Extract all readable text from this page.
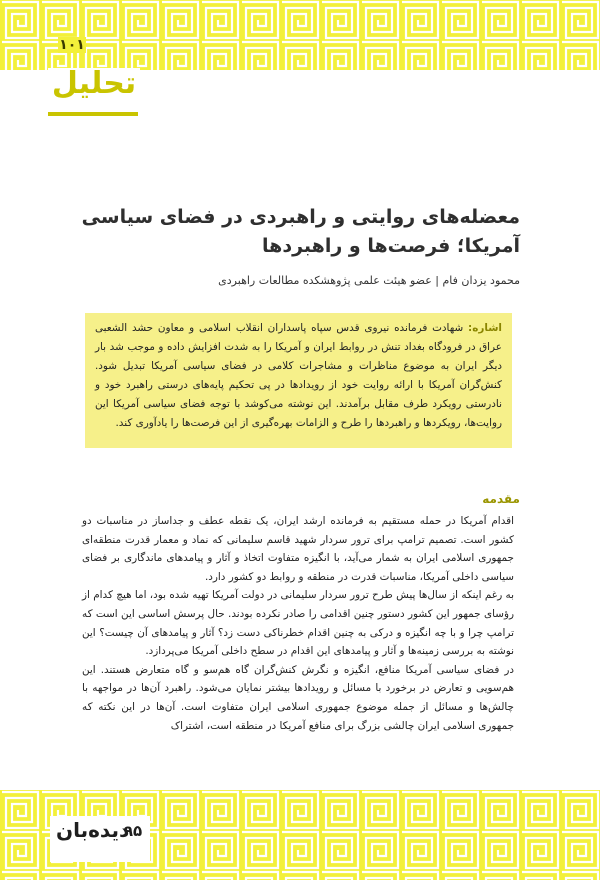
۱۰۱
تحلیل
معضله‌های روایتی و راهبردی در فضای سیاسی آمریکا؛ فرصت‌ها و راهبردها
محمود یزدان فام | عضو هیئت علمی پژوهشکده مطالعات راهبردی
اشاره: شهادت فرمانده نیروی قدس سپاه پاسداران انقلاب اسلامی و معاون حشد الشعبی عراق در فرودگاه بغداد تنش در روابط ایران و آمریکا را به شدت افزایش داده و موجب شد بار دیگر ایران به موضوع مناظرات و مشاجرات کلامی در فضای سیاسی آمریکا تبدیل شود. کنش‌گران آمریکا با ارائه روایت خود از رویدادها در پی تحکیم پایه‌های درستی راهبرد خود و نادرستی رویکرد طرف مقابل برآمدند. این نوشته می‌کوشد با توجه فضای سیاسی آمریکا این روایت‌ها، رویکردها و راهبردها را طرح و الزامات بهره‌گیری از این فرصت‌ها را یادآوری کند.
مقدمه

اقدام آمریکا در حمله مستقیم به فرمانده ارشد ایران، یک نقطه عطف و جداساز در مناسبات دو کشور است. تصمیم ترامپ برای ترور سردار شهید قاسم سلیمانی که نماد و معمار قدرت منطقه‌ای جمهوری اسلامی ایران به شمار می‌آید، با انگیزه متفاوت اتخاذ و آثار و پیامدهای ماندگاری بر فضای سیاسی داخلی آمریکا، مناسبات قدرت در منطقه و روابط دو کشور دارد.

به رغم اینکه از سال‌ها پیش طرح ترور سردار سلیمانی در دولت آمریکا تهیه شده بود، اما هیچ کدام از رؤسای جمهور این کشور دستور چنین اقدامی را صادر نکرده بودند. حال پرسش اساسی این است که ترامپ چرا و با چه انگیزه و درکی به چنین اقدام خطرناکی دست زد؟ آثار و پیامدهای آن چیست؟ این نوشته به بررسی زمینه‌ها و آثار و پیامدهای این اقدام در سطح داخلی آمریکا می‌پردازد.

در فضای سیاسی آمریکا منافع، انگیزه و نگرش کنش‌گران گاه هم‌سو و گاه متعارض هستند. این هم‌سویی و تعارض در برخورد با مسائل و رویدادها بیشتر نمایان می‌شود. راهبرد آن‌ها در مواجهه با چالش‌ها و مسائل از جمله موضوع جمهوری اسلامی ایران متفاوت است. آن‌ها در این نکته که جمهوری اسلامی ایران چالشی بزرگ برای منافع آمریکا در منطقه است، اشتراک

دیده‌بان
۹۵
